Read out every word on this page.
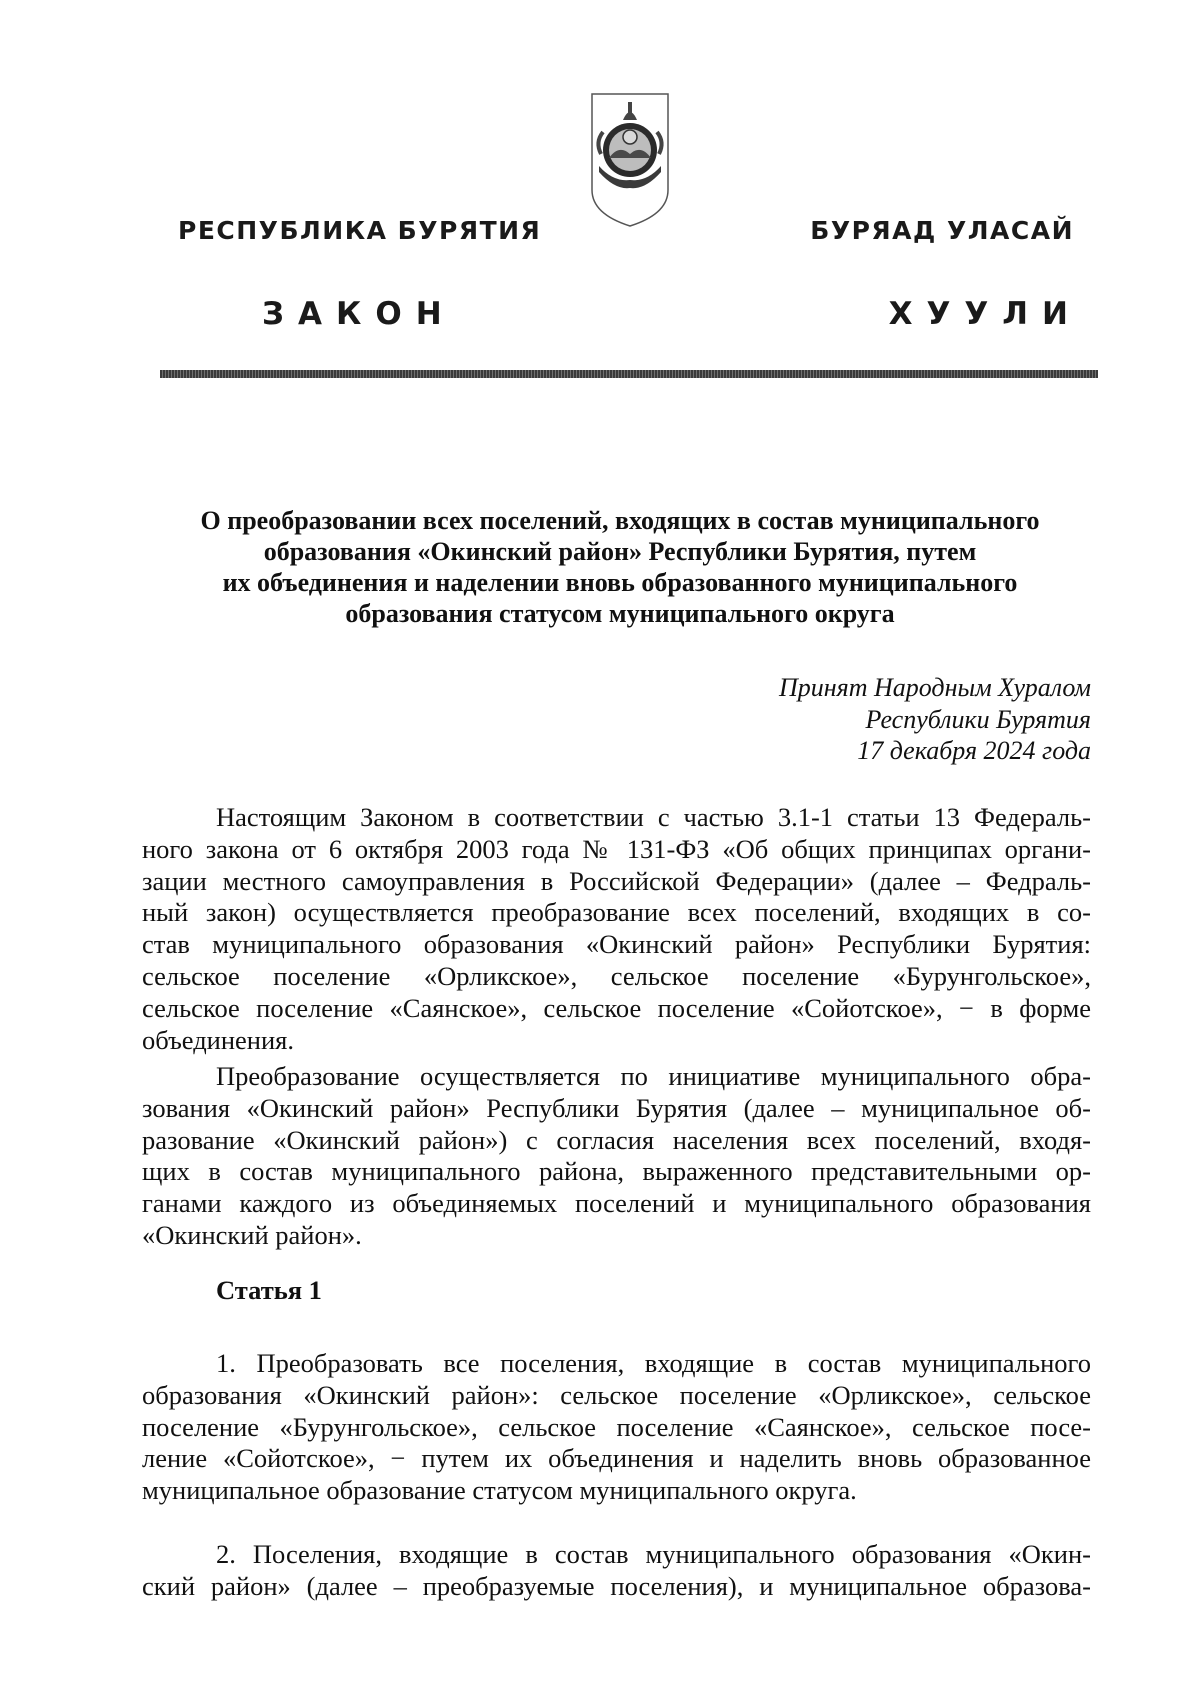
РЕСПУБЛИКА БУРЯТИЯ	БУРЯАД УЛАСАЙ
ЗАКОН	ХУУЛИ
О преобразовании всех поселений, входящих в состав муниципального
образования «Окинский район» Республики Бурятия, путем
их объединения и наделении вновь образованного муниципального
образования статусом муниципального округа
Принят Народным Хуралом
Республики Бурятия
17 декабря 2024 года
Настоящим Законом в соответствии с частью 3.1-1 статьи 13 Федераль-
ного закона от 6 октября 2003 года № 131-ФЗ «Об общих принципах органи-
зации местного самоуправления в Российской Федерации» (далее – Федраль-
ный закон) осуществляется преобразование всех поселений, входящих в со-
став муниципального образования «Окинский район» Республики Бурятия:
сельское поселение «Орликское», сельское поселение «Бурунгольское»,
сельское поселение «Саянское», сельское поселение «Сойотское», − в форме
объединения.
Преобразование осуществляется по инициативе муниципального обра-
зования «Окинский район» Республики Бурятия (далее – муниципальное об-
разование «Окинский район») с согласия населения всех поселений, входя-
щих в состав муниципального района, выраженного представительными ор-
ганами каждого из объединяемых поселений и муниципального образования
«Окинский район».
Статья 1
1. Преобразовать все поселения, входящие в состав муниципального
образования «Окинский район»: сельское поселение «Орликское», сельское
поселение «Бурунгольское», сельское поселение «Саянское», сельское посе-
ление «Сойотское», − путем их объединения и наделить вновь образованное
муниципальное образование статусом муниципального округа.
2. Поселения, входящие в состав муниципального образования «Окин-
ский район» (далее – преобразуемые поселения), и муниципальное образова-
